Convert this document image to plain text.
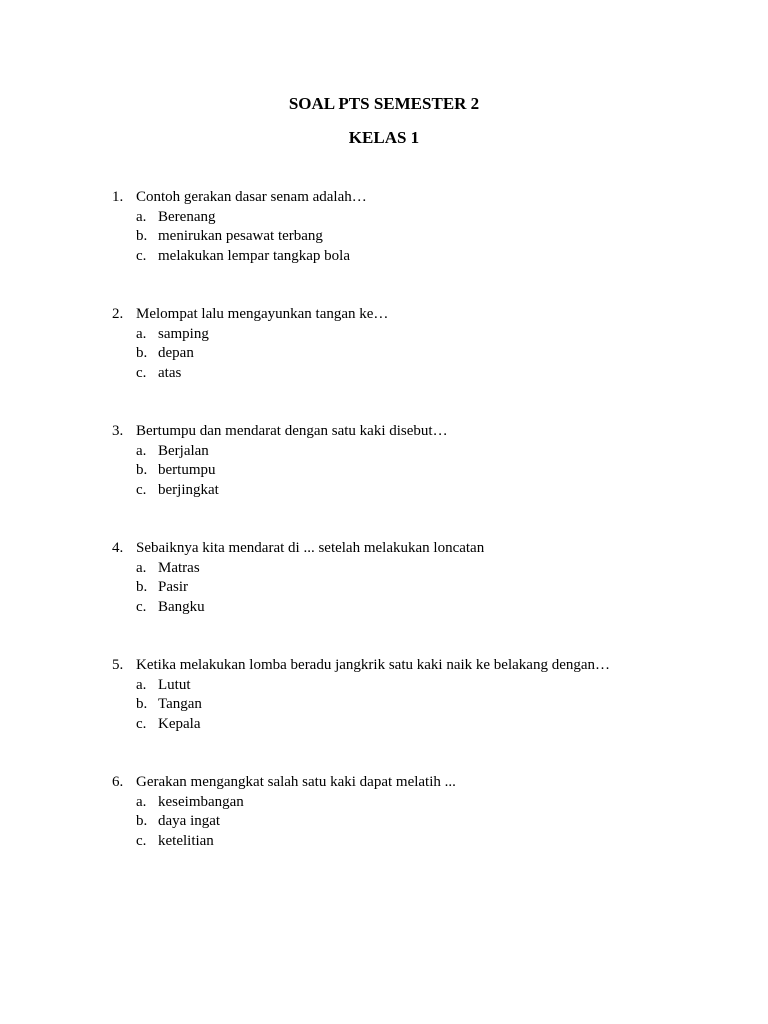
SOAL PTS SEMESTER 2
KELAS 1
1. Contoh gerakan dasar senam adalah…
a. Berenang
b. menirukan pesawat terbang
c. melakukan lempar tangkap bola
2. Melompat lalu mengayunkan tangan ke…
a. samping
b. depan
c. atas
3. Bertumpu dan mendarat dengan satu kaki disebut…
a. Berjalan
b. bertumpu
c. berjingkat
4. Sebaiknya kita mendarat di ... setelah melakukan loncatan
a. Matras
b. Pasir
c. Bangku
5. Ketika melakukan lomba beradu jangkrik satu kaki naik ke belakang dengan…
a. Lutut
b. Tangan
c. Kepala
6. Gerakan mengangkat salah satu kaki dapat melatih ...
a. keseimbangan
b. daya ingat
c. ketelitian
